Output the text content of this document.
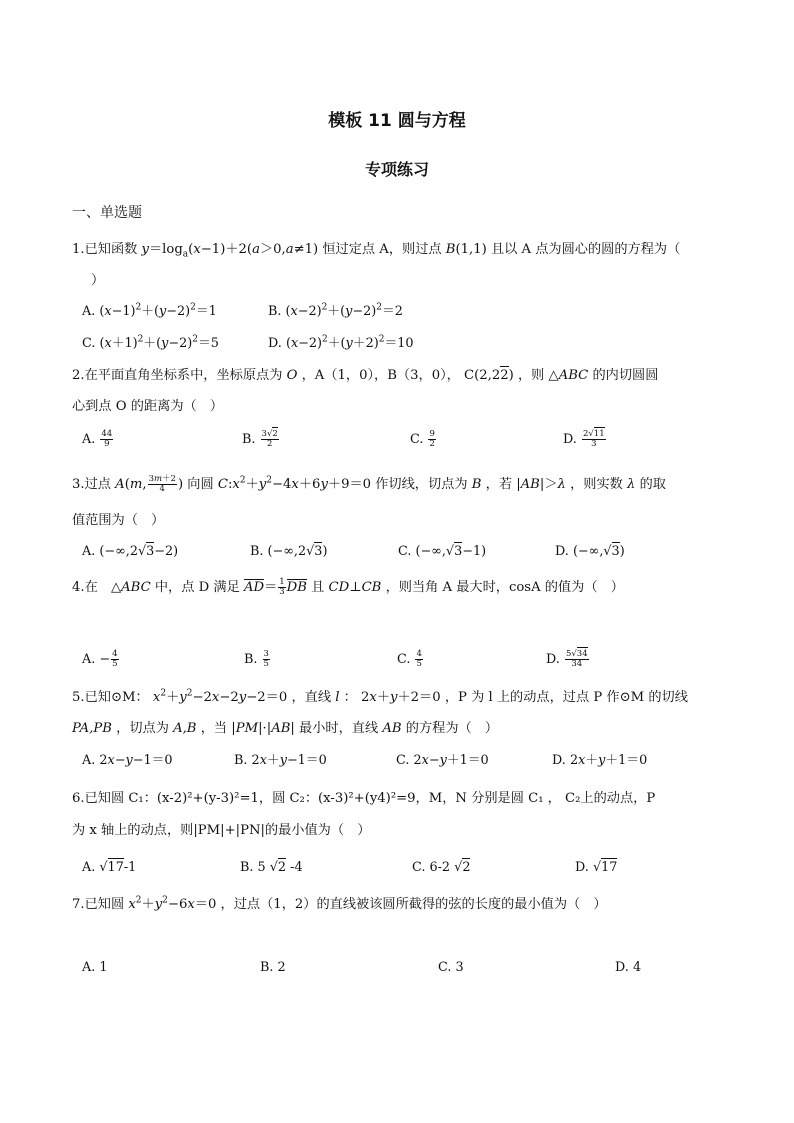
模板 11 圆与方程
专项练习
一、单选题
1.已知函数 $y=\log_a(x-1)+2(a>0,a\ne 1)$ 恒过定点 A，则过点 B(1,1) 且以 A 点为圆心的圆的方程为（
）
A. $(x-1)^2+(y-2)^2=1$	B. $(x-2)^2+(y-2)^2=2$
C. $(x+1)^2+(y-2)^2=5$	D. $(x-2)^2+(y+2)^2=10$
2.在平面直角坐标系中，坐标原点为 O ，A（1，0），B（3，0）， C(2,22) ，则 △ABC 的内切圆圆
心到点 O 的距离为（　）
A. $\frac{44}{9}$	B. $\frac{3√2}{2}$	C. $\frac{9}{2}$	D. $\frac{2√11}{3}$
3.过点 A(m, $\frac{3m+2}{4}$ ) 向圆 $C:x^2+y^2-4x+6y+9=0$ 作切线，切点为 B ，若 |AB|＞λ ，则实数 λ 的取
值范围为（　）
A. (−∞,2√3−2)	B. (−∞,2√3)	C. (−∞,√3−1)	D. (−∞,√3)
4.在　△ABC 中，点 D 满足 $AD= \frac{1}{3}$ DB 且 CD⊥CB ，则当角 A 最大时，cosA 的值为（　）
A. − $\frac{4}{5}$	B. $\frac{3}{5}$	C. $\frac{4}{5}$	D. $\frac{5√34}{34}$
5.已知⊙M： $x^2+y^2-2x-2y-2=0$ ，直线 l ： 2x＋y＋2＝0 ，P 为 l 上的动点，过点 P 作⊙M 的切线
PA,PB ，切点为 A,B ，当 |PM|·|AB| 最小时，直线 AB 的方程为（　）
A. 2x−y−1＝0	B. 2x＋y−1＝0	C. 2x−y＋1＝0	D. 2x＋y＋1＝0
6.已知圆 C₁：(x-2)²+(y-3)²=1，圆 C₂：(x-3)²+(y4)²=9，M，N 分别是圆 C₁ ， C₂上的动点，P
为 x 轴上的动点，则|PM|+|PN|的最小值为（　）
A. √17-1	B. 5 √2 -4	C. 6-2 √2	D. √17
7.已知圆 $x^2+y^2-6x=0$ ，过点（1，2）的直线被该圆所截得的弦的长度的最小值为（　）
A. 1	B. 2	C. 3	D. 4
